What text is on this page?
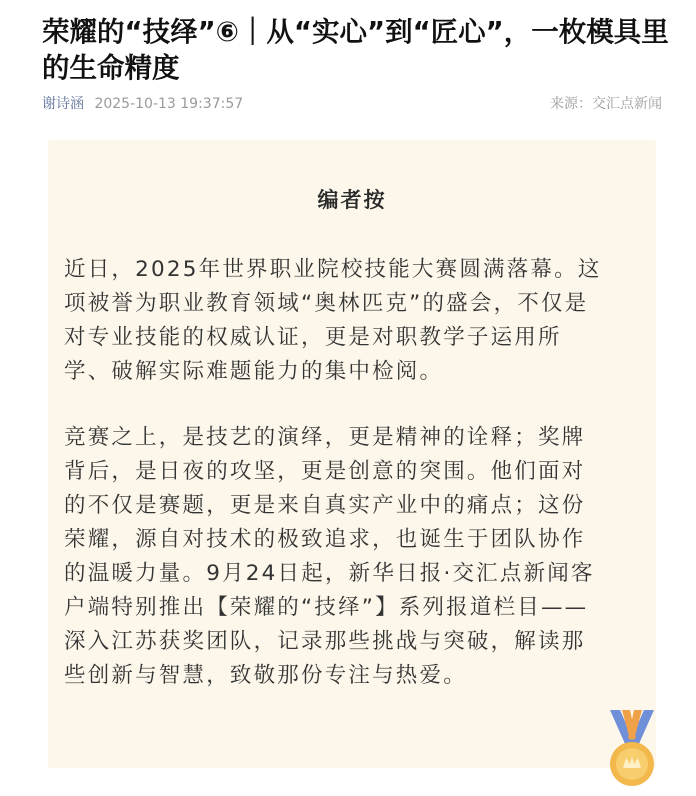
荣耀的“技绎”⑥｜从“实心”到“匠心”，一枚模具里的生命精度
谢诗涵 2025-10-13 19:37:57	来源：交汇点新闻
编者按
近日，2025年世界职业院校技能大赛圆满落幕。这
项被誉为职业教育领域“奥林匹克”的盛会，不仅是
对专业技能的权威认证，更是对职教学子运用所
学、破解实际难题能力的集中检阅。
竞赛之上，是技艺的演绎，更是精神的诠释；奖牌
背后，是日夜的攻坚，更是创意的突围。他们面对
的不仅是赛题，更是来自真实产业中的痛点；这份
荣耀，源自对技术的极致追求，也诞生于团队协作
的温暖力量。9月24日起，新华日报·交汇点新闻客
户端特别推出【荣耀的“技绎”】系列报道栏目——
深入江苏获奖团队，记录那些挑战与突破，解读那
些创新与智慧，致敬那份专注与热爱。
